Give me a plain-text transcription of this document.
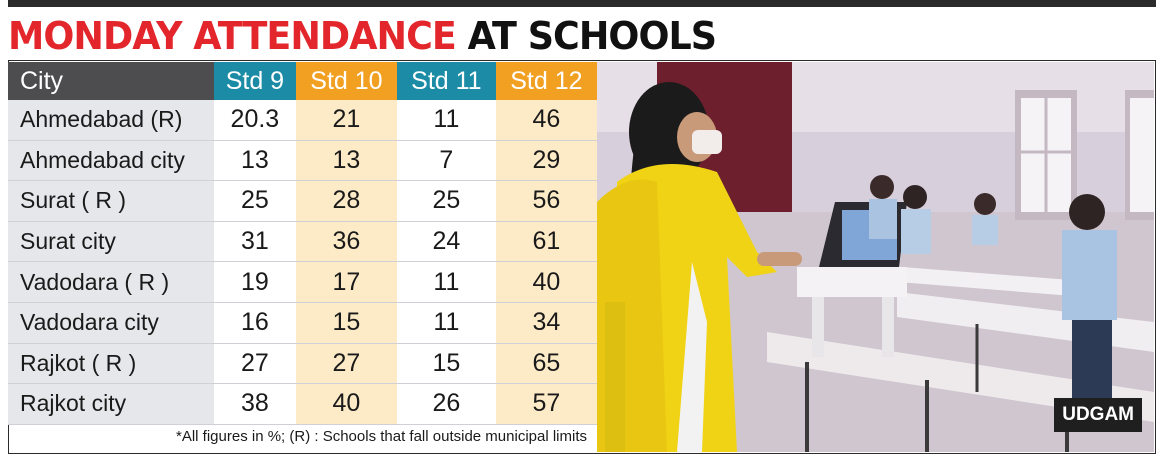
MONDAY ATTENDANCE AT SCHOOLS
City	Std 9	Std 10	Std 11	Std 12
Ahmedabad (R)	20.3	21	11	46
Ahmedabad city	13	13	7	29
Surat ( R )	25	28	25	56
Surat city	31	36	24	61
Vadodara ( R )	19	17	11	40
Vadodara city	16	15	11	34
Rajkot ( R )	27	27	15	65
Rajkot city	38	40	26	57
*All figures in %; (R) : Schools that fall outside municipal limits
UDGAM
